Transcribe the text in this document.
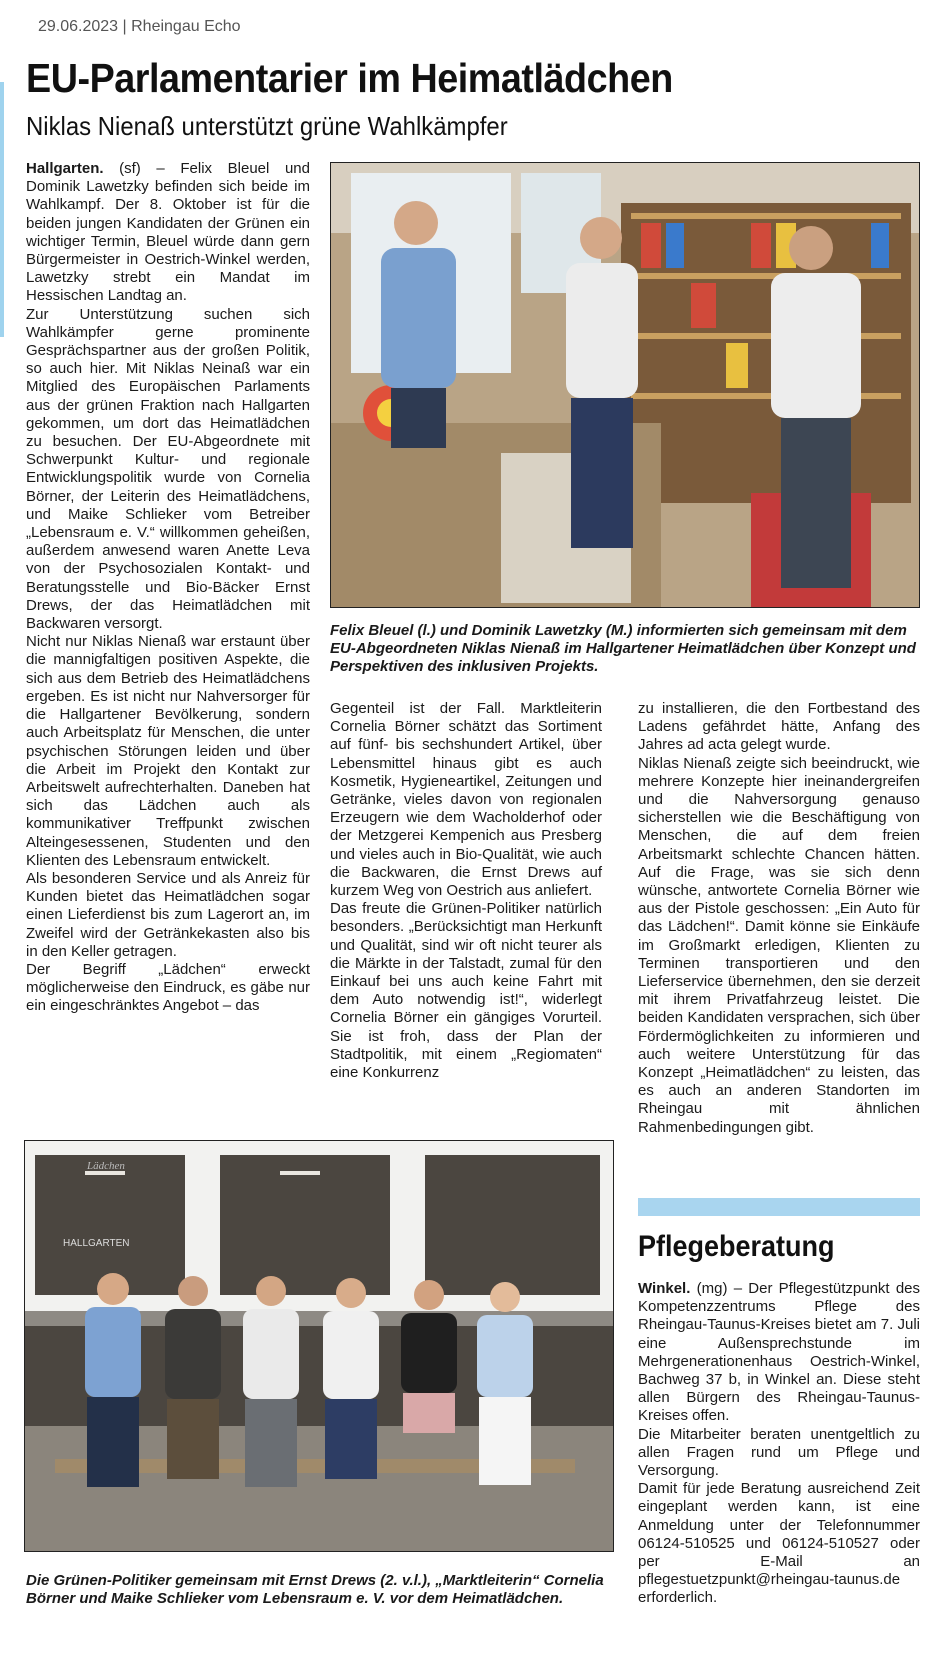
29.06.2023 | Rheingau Echo
EU-Parlamentarier im Heimatlädchen
Niklas Nienaß unterstützt grüne Wahlkämpfer

Hallgarten. (sf) – Felix Bleuel und Dominik Lawetzky befinden sich beide im Wahlkampf. Der 8. Oktober ist für die beiden jungen Kandidaten der Grünen ein wichtiger Termin, Bleuel würde dann gern Bürgermeister in Oestrich-Winkel werden, Lawetzky strebt ein Mandat im Hessischen Landtag an.

Zur Unterstützung suchen sich Wahlkämpfer gerne prominente Gesprächspartner aus der großen Politik, so auch hier. Mit Niklas Neinaß war ein Mitglied des Europäischen Parlaments aus der grünen Fraktion nach Hallgarten gekommen, um dort das Heimatlädchen zu besuchen. Der EU-Abgeordnete mit Schwerpunkt Kultur- und regionale Entwicklungspolitik wurde von Cornelia Börner, der Leiterin des Heimatlädchens, und Maike Schlieker vom Betreiber „Lebensraum e. V.“ willkommen geheißen, außerdem anwesend waren Anette Leva von der Psychosozialen Kontakt- und Beratungsstelle und Bio-Bäcker Ernst Drews, der das Heimatlädchen mit Backwaren versorgt.

Nicht nur Niklas Nienaß war erstaunt über die mannigfaltigen positiven Aspekte, die sich aus dem Betrieb des Heimatlädchens ergeben. Es ist nicht nur Nahversorger für die Hallgartener Bevölkerung, sondern auch Arbeitsplatz für Menschen, die unter psychischen Störungen leiden und über die Arbeit im Projekt den Kontakt zur Arbeitswelt aufrechterhalten. Daneben hat sich das Lädchen auch als kommunikativer Treffpunkt zwischen Alteingesessenen, Studenten und den Klienten des Lebensraum entwickelt.

Als besonderen Service und als Anreiz für Kunden bietet das Heimatlädchen sogar einen Lieferdienst bis zum Lagerort an, im Zweifel wird der Getränkekasten also bis in den Keller getragen.

Der Begriff „Lädchen“ erweckt möglicherweise den Eindruck, es gäbe nur ein eingeschränktes Angebot – das

Felix Bleuel (l.) und Dominik Lawetzky (M.) informierten sich gemeinsam mit dem EU-Abgeordneten Niklas Nienaß im Hallgartener Heimatlädchen über Konzept und Perspektiven des inklusiven Projekts.

Gegenteil ist der Fall. Marktleiterin Cornelia Börner schätzt das Sortiment auf fünf- bis sechshundert Artikel, über Lebensmittel hinaus gibt es auch Kosmetik, Hygieneartikel, Zeitungen und Getränke, vieles davon von regionalen Erzeugern wie dem Wacholderhof oder der Metzgerei Kempenich aus Presberg und vieles auch in Bio-Qualität, wie auch die Backwaren, die Ernst Drews auf kurzem Weg von Oestrich aus anliefert.

Das freute die Grünen-Politiker natürlich besonders. „Berücksichtigt man Herkunft und Qualität, sind wir oft nicht teurer als die Märkte in der Talstadt, zumal für den Einkauf bei uns auch keine Fahrt mit dem Auto notwendig ist!“, widerlegt Cornelia Börner ein gängiges Vorurteil. Sie ist froh, dass der Plan der Stadtpolitik, mit einem „Regiomaten“ eine Konkurrenz

zu installieren, die den Fortbestand des Ladens gefährdet hätte, Anfang des Jahres ad acta gelegt wurde.

Niklas Nienaß zeigte sich beeindruckt, wie mehrere Konzepte hier ineinandergreifen und die Nahversorgung genauso sicherstellen wie die Beschäftigung von Menschen, die auf dem freien Arbeitsmarkt schlechte Chancen hätten. Auf die Frage, was sie sich denn wünsche, antwortete Cornelia Börner wie aus der Pistole geschossen: „Ein Auto für das Lädchen!“. Damit könne sie Einkäufe im Großmarkt erledigen, Klienten zu Terminen transportieren und den Lieferservice übernehmen, den sie derzeit mit ihrem Privatfahrzeug leistet. Die beiden Kandidaten versprachen, sich über Fördermöglichkeiten zu informieren und auch weitere Unterstützung für das Konzept „Heimatlädchen“ zu leisten, das es auch an anderen Standorten im Rheingau mit ähnlichen Rahmenbedingungen gibt.

Lädchen
HALLGARTEN
Die Grünen-Politiker gemeinsam mit Ernst Drews (2. v.l.), „Marktleiterin“ Cornelia Börner und Maike Schlieker vom Lebensraum e. V. vor dem Heimatlädchen.
Pflegeberatung

Winkel. (mg) – Der Pflegestützpunkt des Kompetenzzentrums Pflege des Rheingau-Taunus-Kreises bietet am 7. Juli eine Außensprechstunde im Mehrgenerationenhaus Oestrich-Winkel, Bachweg 37 b, in Winkel an. Diese steht allen Bürgern des Rheingau-Taunus-Kreises offen.

Die Mitarbeiter beraten unentgeltlich zu allen Fragen rund um Pflege und Versorgung.

Damit für jede Beratung ausreichend Zeit eingeplant werden kann, ist eine Anmeldung unter der Telefonnummer 06124-510525 und 06124-510527 oder per E-Mail an pflegestuetzpunkt@rheingau-taunus.de erforderlich.
